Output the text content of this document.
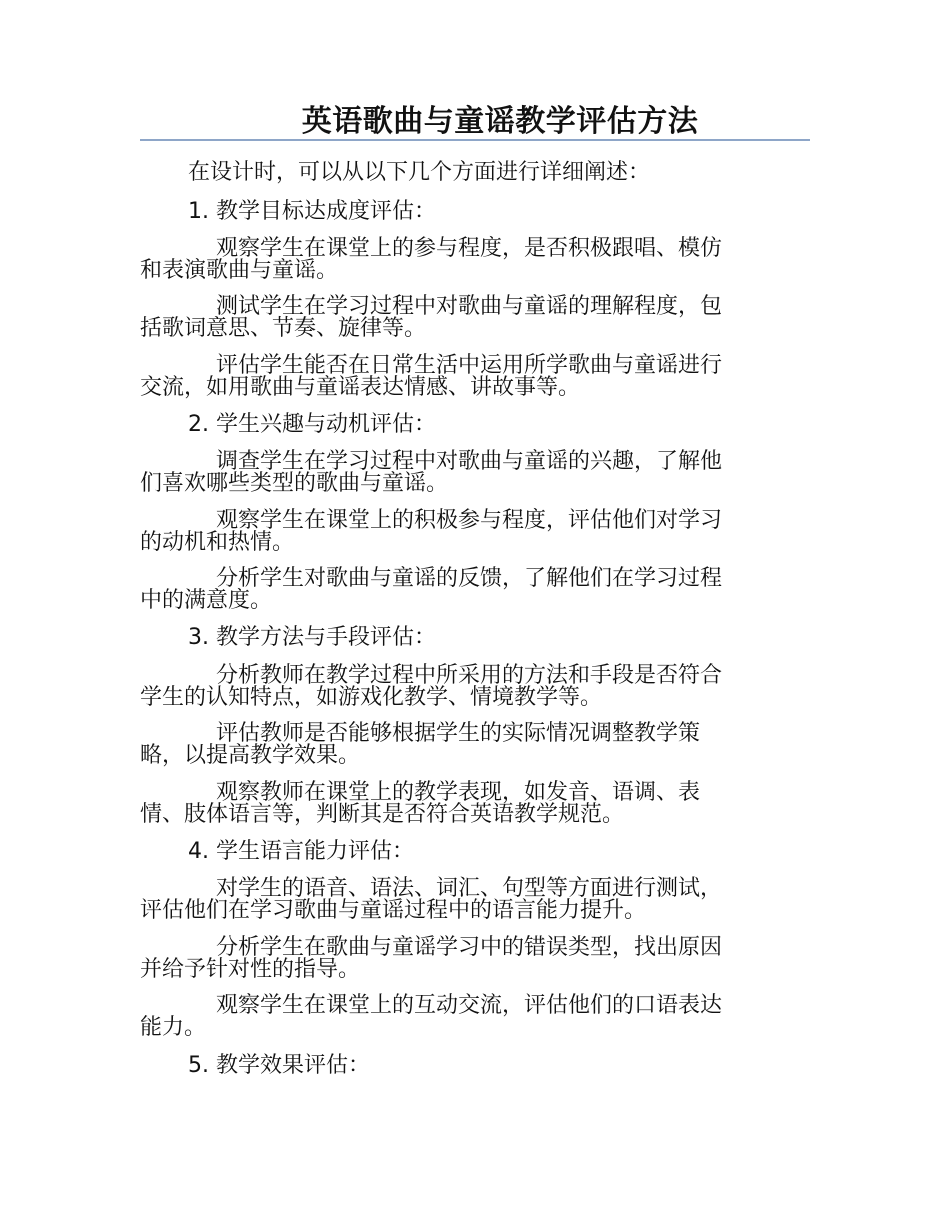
英语歌曲与童谣教学评估方法
在设计时，可以从以下几个方面进行详细阐述：
1. 教学目标达成度评估：
观察学生在课堂上的参与程度，是否积极跟唱、模仿
和表演歌曲与童谣。
测试学生在学习过程中对歌曲与童谣的理解程度，包
括歌词意思、节奏、旋律等。
评估学生能否在日常生活中运用所学歌曲与童谣进行
交流，如用歌曲与童谣表达情感、讲故事等。
2. 学生兴趣与动机评估：
调查学生在学习过程中对歌曲与童谣的兴趣，了解他
们喜欢哪些类型的歌曲与童谣。
观察学生在课堂上的积极参与程度，评估他们对学习
的动机和热情。
分析学生对歌曲与童谣的反馈，了解他们在学习过程
中的满意度。
3. 教学方法与手段评估：
分析教师在教学过程中所采用的方法和手段是否符合
学生的认知特点，如游戏化教学、情境教学等。
评估教师是否能够根据学生的实际情况调整教学策
略，以提高教学效果。
观察教师在课堂上的教学表现，如发音、语调、表
情、肢体语言等，判断其是否符合英语教学规范。
4. 学生语言能力评估：
对学生的语音、语法、词汇、句型等方面进行测试，
评估他们在学习歌曲与童谣过程中的语言能力提升。
分析学生在歌曲与童谣学习中的错误类型，找出原因
并给予针对性的指导。
观察学生在课堂上的互动交流，评估他们的口语表达
能力。
5. 教学效果评估：
